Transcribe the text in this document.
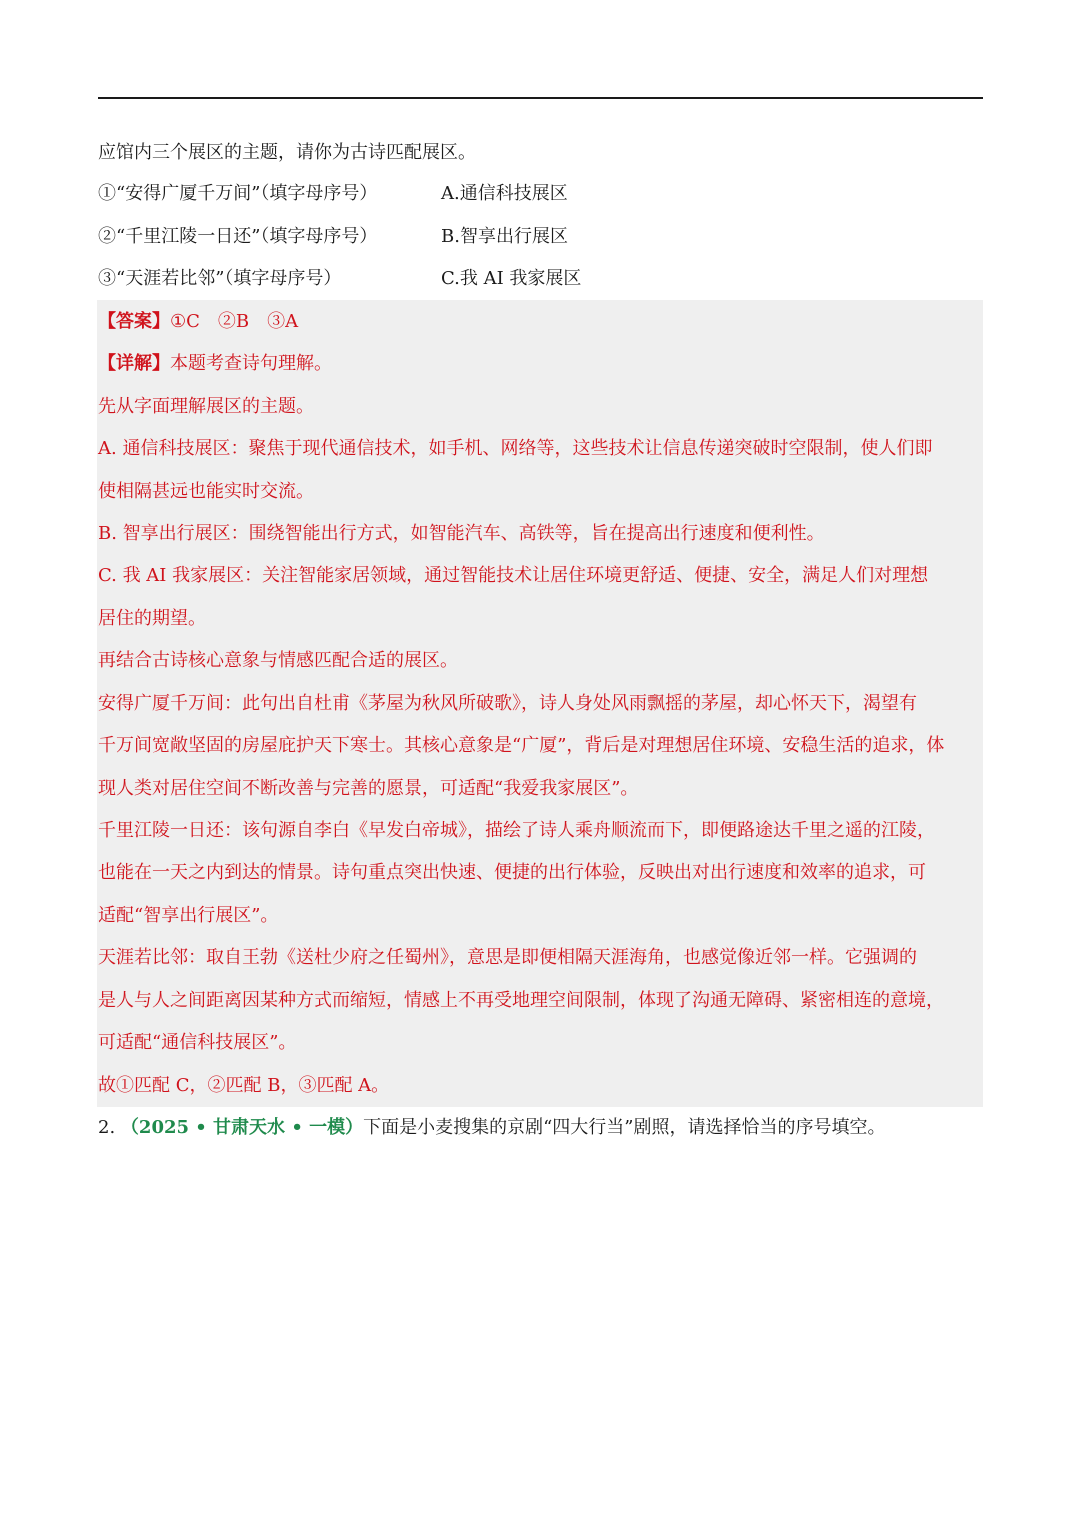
应馆内三个展区的主题，请你为古诗匹配展区。
①“安得广厦千万间”（填字母序号）	A.通信科技展区
②“千里江陵一日还”（填字母序号）	B.智享出行展区
③“天涯若比邻”（填字母序号）	C.我 AI 我家展区
【答案】①C　②B　③A
【详解】本题考查诗句理解。
先从字面理解展区的主题。
A. 通信科技展区：聚焦于现代通信技术，如手机、网络等，这些技术让信息传递突破时空限制，使人们即
使相隔甚远也能实时交流。
B. 智享出行展区：围绕智能出行方式，如智能汽车、高铁等，旨在提高出行速度和便利性。
C. 我 AI 我家展区：关注智能家居领域，通过智能技术让居住环境更舒适、便捷、安全，满足人们对理想
居住的期望。
再结合古诗核心意象与情感匹配合适的展区。
安得广厦千万间：此句出自杜甫《茅屋为秋风所破歌》，诗人身处风雨飘摇的茅屋，却心怀天下，渴望有
千万间宽敞坚固的房屋庇护天下寒士。其核心意象是“广厦”，背后是对理想居住环境、安稳生活的追求，体
现人类对居住空间不断改善与完善的愿景，可适配“我爱我家展区”。
千里江陵一日还：该句源自李白《早发白帝城》，描绘了诗人乘舟顺流而下，即便路途达千里之遥的江陵，
也能在一天之内到达的情景。诗句重点突出快速、便捷的出行体验，反映出对出行速度和效率的追求，可
适配“智享出行展区”。
天涯若比邻：取自王勃《送杜少府之任蜀州》，意思是即便相隔天涯海角，也感觉像近邻一样。它强调的
是人与人之间距离因某种方式而缩短，情感上不再受地理空间限制，体现了沟通无障碍、紧密相连的意境，
可适配“通信科技展区”。
故①匹配 C，②匹配 B，③匹配 A。
2. （2025 • 甘肃天水 • 一模）下面是小麦搜集的京剧“四大行当”剧照，请选择恰当的序号填空。
